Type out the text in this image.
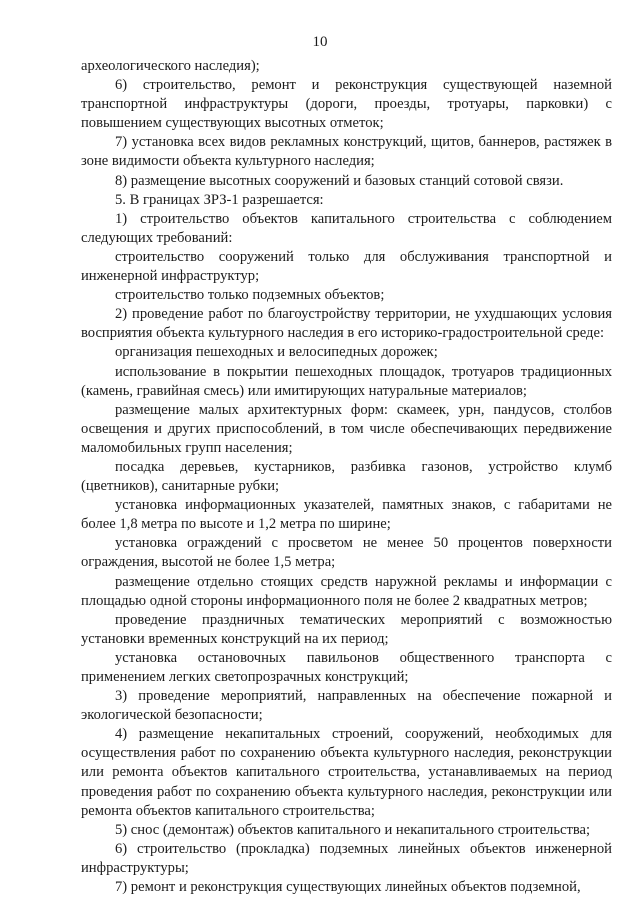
10

археологического наследия);

6) строительство, ремонт и реконструкция существующей наземной транспортной инфраструктуры (дороги, проезды, тротуары, парковки) с повышением существующих высотных отметок;

7) установка всех видов рекламных конструкций, щитов, баннеров, растяжек в зоне видимости объекта культурного наследия;

8) размещение высотных сооружений и базовых станций сотовой связи.

5. В границах ЗРЗ-1 разрешается:

1) строительство объектов капитального строительства с соблюдением следующих требований:

строительство сооружений только для обслуживания транспортной и инженерной инфраструктур;

строительство только подземных объектов;

2) проведение работ по благоустройству территории, не ухудшающих условия восприятия объекта культурного наследия в его историко-градостроительной среде:

организация пешеходных и велосипедных дорожек;

использование в покрытии пешеходных площадок, тротуаров традиционных (камень, гравийная смесь) или имитирующих натуральные материалов;

размещение малых архитектурных форм: скамеек, урн, пандусов, столбов освещения и других приспособлений, в том числе обеспечивающих передвижение маломобильных групп населения;

посадка деревьев, кустарников, разбивка газонов, устройство клумб (цветников), санитарные рубки;

установка информационных указателей, памятных знаков, с габаритами не более 1,8 метра по высоте и 1,2 метра по ширине;

установка ограждений с просветом не менее 50 процентов поверхности ограждения, высотой не более 1,5 метра;

размещение отдельно стоящих средств наружной рекламы и информации с площадью одной стороны информационного поля не более 2 квадратных метров;

проведение праздничных тематических мероприятий с возможностью установки временных конструкций на их период;

установка остановочных павильонов общественного транспорта с применением легких светопрозрачных конструкций;

3) проведение мероприятий, направленных на обеспечение пожарной и экологической безопасности;

4) размещение некапитальных строений, сооружений, необходимых для осуществления работ по сохранению объекта культурного наследия, реконструкции или ремонта объектов капитального строительства, устанавливаемых на период проведения работ по сохранению объекта культурного наследия, реконструкции или ремонта объектов капитального строительства;

5) снос (демонтаж) объектов капитального и некапитального строительства;

6) строительство (прокладка) подземных линейных объектов инженерной инфраструктуры;

7) ремонт и реконструкция существующих линейных объектов подземной,
